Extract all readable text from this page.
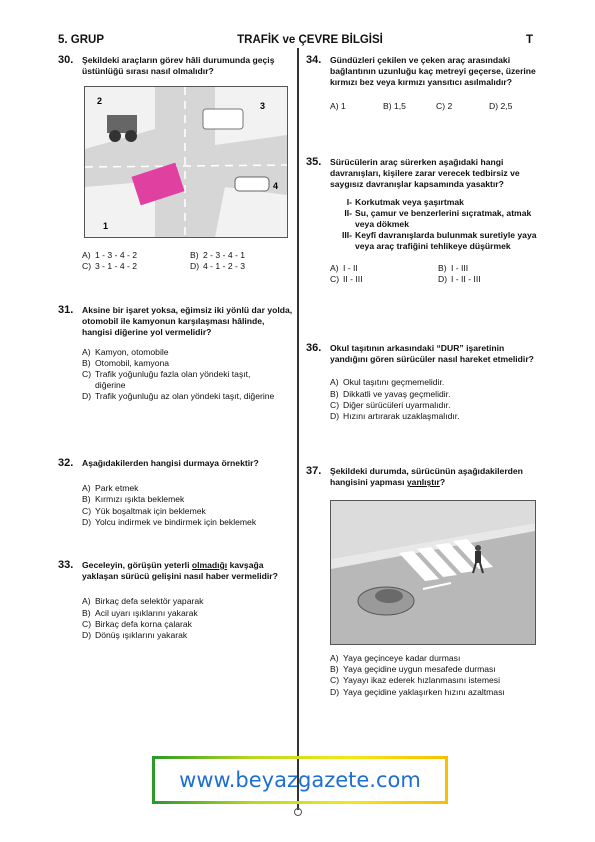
5. GRUP	TRAFİK ve ÇEVRE BİLGİSİ	T
30. Şekildeki araçların görev hâli durumunda geçiş üstünlüğü sırası nasıl olmalıdır?
2	3
4
1
A) 1 - 3 - 4 - 2	B) 2 - 3 - 4 - 1
C) 3 - 1 - 4 - 2	D) 4 - 1 - 2 - 3
31. Aksine bir işaret yoksa, eğimsiz iki yönlü dar yolda, otomobil ile kamyonun karşılaşması hâlinde, hangisi diğerine yol vermelidir?
A) Kamyon, otomobile
B) Otomobil, kamyona
C) Trafik yoğunluğu fazla olan yöndeki taşıt, diğerine
D) Trafik yoğunluğu az olan yöndeki taşıt, diğerine
32. Aşağıdakilerden hangisi durmaya örnektir?
A) Park etmek
B) Kırmızı ışıkta beklemek
C) Yük boşaltmak için beklemek
D) Yolcu indirmek ve bindirmek için beklemek
33. Geceleyin, görüşün yeterli olmadığı kavşağa yaklaşan sürücü gelişini nasıl haber vermelidir?
A) Birkaç defa selektör yaparak
B) Acil uyarı ışıklarını yakarak
C) Birkaç defa korna çalarak
D) Dönüş ışıklarını yakarak
34. Gündüzleri çekilen ve çeken araç arasındaki bağlantının uzunluğu kaç metreyi geçerse, üzerine kırmızı bez veya kırmızı yansıtıcı asılmalıdır?
A) 1	B) 1,5	C) 2	D) 2,5
35. Sürücülerin araç sürerken aşağıdaki hangi davranışları, kişilere zarar verecek tedbirsiz ve saygısız davranışlar kapsamında yasaktır?
I- Korkutmak veya şaşırtmak
II- Su, çamur ve benzerlerini sıçratmak, atmak veya dökmek
III- Keyfî davranışlarda bulunmak suretiyle yaya veya araç trafiğini tehlikeye düşürmek
A) I - II	B) I - III
C) II - III	D) I - II - III
36. Okul taşıtının arkasındaki “DUR” işaretinin yandığını gören sürücüler nasıl hareket etmelidir?
A) Okul taşıtını geçmemelidir.
B) Dikkatli ve yavaş geçmelidir.
C) Diğer sürücüleri uyarmalıdır.
D) Hızını artırarak uzaklaşmalıdır.
37. Şekildeki durumda, sürücünün aşağıdakilerden hangisini yapması yanlıştır?
A) Yaya geçinceye kadar durması
B) Yaya geçidine uygun mesafede durması
C) Yayayı ikaz ederek hızlanmasını istemesi
D) Yaya geçidine yaklaşırken hızını azaltması
www.beyazgazete.com
